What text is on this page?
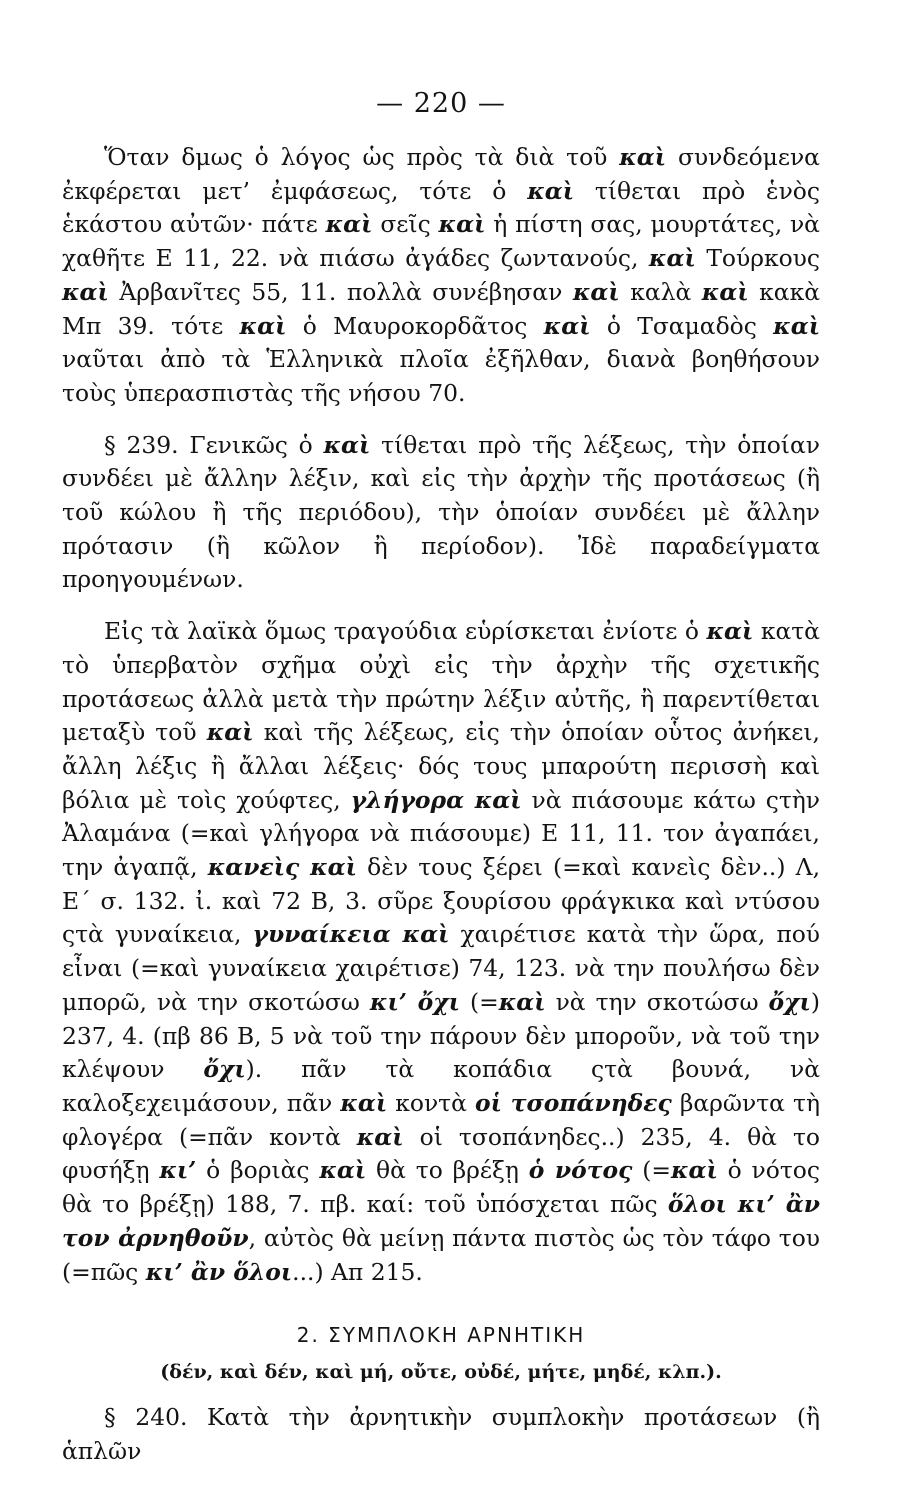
— 220 —

Ὅταν δμως ὁ λόγος ὡς πρὸς τὰ διὰ τοῦ καὶ συνδεόμενα ἐκφέρεται μετ’ ἐμφάσεως, τότε ὁ καὶ τίθεται πρὸ ἑνὸς ἑκάστου αὐτῶν· πάτε καὶ σεῖς καὶ ἡ πίστη σας, μουρτάτες, νὰ χαθῆτε Ε 11, 22. νὰ πιάσω ἀγάδες ζωντανούς, καὶ Τούρκους καὶ Ἀρβανῖτες 55, 11. πολλὰ συνέβησαν καὶ καλὰ καὶ κακὰ Μπ 39. τότε καὶ ὁ Μαυροκορδᾶτος καὶ ὁ Τσαμαδὸς καὶ ναῦται ἀπὸ τὰ Ἑλληνικὰ πλοῖα ἐξῆλθαν, διανὰ βοηθήσουν τοὺς ὑπερασπιστὰς τῆς νήσου 70.

§ 239. Γενικῶς ὁ καὶ τίθεται πρὸ τῆς λέξεως, τὴν ὁποίαν συνδέει μὲ ἄλλην λέξιν, καὶ εἰς τὴν ἀρχὴν τῆς προτάσεως (ἢ τοῦ κώλου ἢ τῆς περιόδου), τὴν ὁποίαν συνδέει μὲ ἄλλην πρότασιν (ἢ κῶλον ἢ περίοδον). Ἰδὲ παραδείγματα προηγουμένων.

Εἰς τὰ λαϊκὰ ὅμως τραγούδια εὑρίσκεται ἐνίοτε ὁ καὶ κατὰ τὸ ὑπερβατὸν σχῆμα οὐχὶ εἰς τὴν ἀρχὴν τῆς σχετικῆς προτάσεως ἀλλὰ μετὰ τὴν πρώτην λέξιν αὐτῆς, ἢ παρεντίθεται μεταξὺ τοῦ καὶ καὶ τῆς λέξεως, εἰς τὴν ὁποίαν οὗτος ἀνήκει, ἄλλη λέξις ἢ ἄλλαι λέξεις· δός τους μπαρούτη περισσὴ καὶ βόλια μὲ τοὶς χούφτες, γλήγορα καὶ νὰ πιάσουμε κάτω ςτὴν Ἀλαμάνα (=καὶ γλήγορα νὰ πιάσουμε) Ε 11, 11. τον ἀγαπάει, την ἀγαπᾷ, κανεὶς καὶ δὲν τους ξέρει (=καὶ κανεὶς δὲν..) Λ, Ε΄ σ. 132. ἰ. καὶ 72 Β, 3. σῦρε ξουρίσου φράγκικα καὶ ντύσου ςτὰ γυναίκεια, γυναίκεια καὶ χαιρέτισε κατὰ τὴν ὥρα, πού εἶναι (=καὶ γυναίκεια χαιρέτισε) 74, 123. νὰ την πουλήσω δὲν μπορῶ, νὰ την σκοτώσω κι’ ὄχι (=καὶ νὰ την σκοτώσω ὄχι) 237, 4. (πβ 86 Β, 5 νὰ τοῦ την πάρουν δὲν μποροῦν, νὰ τοῦ την κλέψουν ὄχι). πᾶν τὰ κοπάδια ςτὰ βουνά, νὰ καλοξεχειμάσουν, πᾶν καὶ κοντὰ οἱ τσοπάνηδες βαρῶντα τὴ φλογέρα (=πᾶν κοντὰ καὶ οἱ τσοπάνηδες..) 235, 4. θὰ το φυσήξῃ κι’ ὁ βοριὰς καὶ θὰ το βρέξῃ ὁ νότος (=καὶ ὁ νότος θὰ το βρέξῃ) 188, 7. πβ. καί: τοῦ ὑπόσχεται πῶς ὅλοι κι’ ἂν τον ἀρνηθοῦν, αὐτὸς θὰ μείνῃ πάντα πιστὸς ὡς τὸν τάφο του (=πῶς κι’ ἂν ὅλοι...) Απ 215.

2. ΣΥΜΠΛΟΚΗ ΑΡΝΗΤΙΚΗ
(δέν, καὶ δέν, καὶ μή, οὔτε, οὐδέ, μήτε, μηδέ, κλπ.).

§ 240. Κατὰ τὴν ἀρνητικὴν συμπλοκὴν προτάσεων (ἢ ἁπλῶν
